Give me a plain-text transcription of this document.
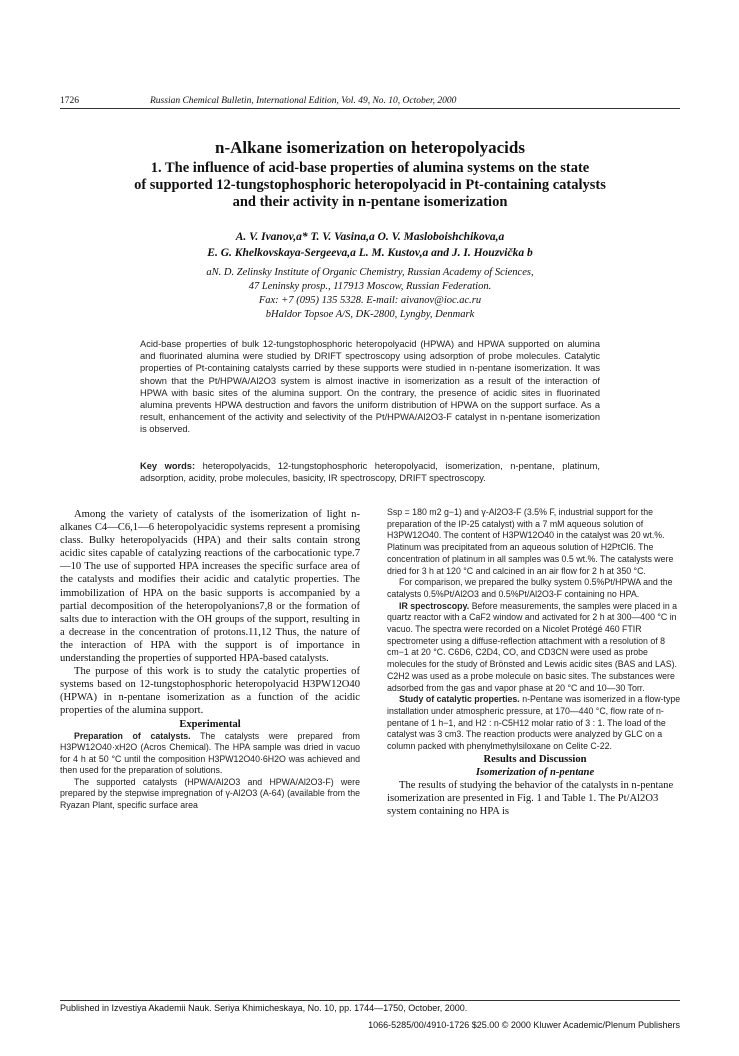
1726	Russian Chemical Bulletin, International Edition, Vol. 49, No. 10, October, 2000
n-Alkane isomerization on heteropolyacids
1. The influence of acid-base properties of alumina systems on the state
of supported 12-tungstophosphoric heteropolyacid in Pt-containing catalysts
and their activity in n-pentane isomerization
A. V. Ivanov,a* T. V. Vasina,a O. V. Masloboishchikova,a
E. G. Khelkovskaya-Sergeeva,a L. M. Kustov,a and J. I. Houzvička b
aN. D. Zelinsky Institute of Organic Chemistry, Russian Academy of Sciences,
47 Leninsky prosp., 117913 Moscow, Russian Federation.
Fax: +7 (095) 135 5328. E-mail: aivanov@ioc.ac.ru
bHaldor Topsoe A/S, DK-2800, Lyngby, Denmark
Acid-base properties of bulk 12-tungstophosphoric heteropolyacid (HPWA) and HPWA supported on alumina and fluorinated alumina were studied by DRIFT spectroscopy using adsorption of probe molecules. Catalytic properties of Pt-containing catalysts carried by these supports were studied in n-pentane isomerization. It was shown that the Pt/HPWA/Al2O3 system is almost inactive in isomerization as a result of the interaction of HPWA with basic sites of the alumina support. On the contrary, the presence of acidic sites in fluorinated alumina prevents HPWA destruction and favors the uniform distribution of HPWA on the support surface. As a result, enhancement of the activity and selectivity of the Pt/HPWA/Al2O3-F catalyst in n-pentane isomerization is observed.
Key words: heteropolyacids, 12-tungstophosphoric heteropolyacid, isomerization, n-pentane, platinum, adsorption, acidity, probe molecules, basicity, IR spectroscopy, DRIFT spectroscopy.

Among the variety of catalysts of the isomerization of light n-alkanes C4—C6,1—6 heteropolyacidic systems represent a promising class. Bulky heteropolyacids (HPA) and their salts contain strong acidic sites capable of catalyzing reactions of the carbocationic type.7—10 The use of supported HPA increases the specific surface area of the catalysts and modifies their acidic and catalytic properties. The immobilization of HPA on the basic supports is accompanied by a partial decomposition of the heteropolyanions7,8 or the formation of salts due to interaction with the OH groups of the support, resulting in a decrease in the concentration of protons.11,12 Thus, the nature of the interaction of HPA with the support is of importance in understanding the properties of supported HPA-based catalysts.

The purpose of this work is to study the catalytic properties of systems based on 12-tungstophosphoric heteropolyacid H3PW12O40 (HPWA) in n-pentane isomerization as a function of the acidic properties of the alumina support.

Experimental

Preparation of catalysts. The catalysts were prepared from H3PW12O40·xH2O (Acros Chemical). The HPA sample was dried in vacuo for 4 h at 50 °C until the composition H3PW12O40·6H2O was achieved and then used for the preparation of solutions.

The supported catalysts (HPWA/Al2O3 and HPWA/Al2O3-F) were prepared by the stepwise impregnation of γ-Al2O3 (A-64) (available from the Ryazan Plant, specific surface area

Ssp = 180 m2 g−1) and γ-Al2O3-F (3.5% F, industrial support for the preparation of the IP-25 catalyst) with a 7 mM aqueous solution of H3PW12O40. The content of H3PW12O40 in the catalyst was 20 wt.%. Platinum was precipitated from an aqueous solution of H2PtCl6. The concentration of platinum in all samples was 0.5 wt.%. The catalysts were dried for 3 h at 120 °C and calcined in an air flow for 2 h at 350 °C.

For comparison, we prepared the bulky system 0.5%Pt/HPWA and the catalysts 0.5%Pt/Al2O3 and 0.5%Pt/Al2O3-F containing no HPA.

IR spectroscopy. Before measurements, the samples were placed in a quartz reactor with a CaF2 window and activated for 2 h at 300—400 °C in vacuo. The spectra were recorded on a Nicolet Protégé 460 FTIR spectrometer using a diffuse-reflection attachment with a resolution of 8 cm−1 at 20 °C. C6D6, C2D4, CO, and CD3CN were used as probe molecules for the study of Brönsted and Lewis acidic sites (BAS and LAS). C2H2 was used as a probe molecule on basic sites. The substances were adsorbed from the gas and vapor phase at 20 °C and 10—30 Torr.

Study of catalytic properties. n-Pentane was isomerized in a flow-type installation under atmospheric pressure, at 170—440 °C, flow rate of n-pentane of 1 h−1, and H2 : n-C5H12 molar ratio of 3 : 1. The load of the catalyst was 3 cm3. The reaction products were analyzed by GLC on a column packed with phenylmethylsiloxane on Celite C-22.

Results and Discussion

Isomerization of n-pentane

The results of studying the behavior of the catalysts in n-pentane isomerization are presented in Fig. 1 and Table 1. The Pt/Al2O3 system containing no HPA is

Published in Izvestiya Akademii Nauk. Seriya Khimicheskaya, No. 10, pp. 1744—1750, October, 2000.
1066-5285/00/4910-1726 $25.00 © 2000 Kluwer Academic/Plenum Publishers
